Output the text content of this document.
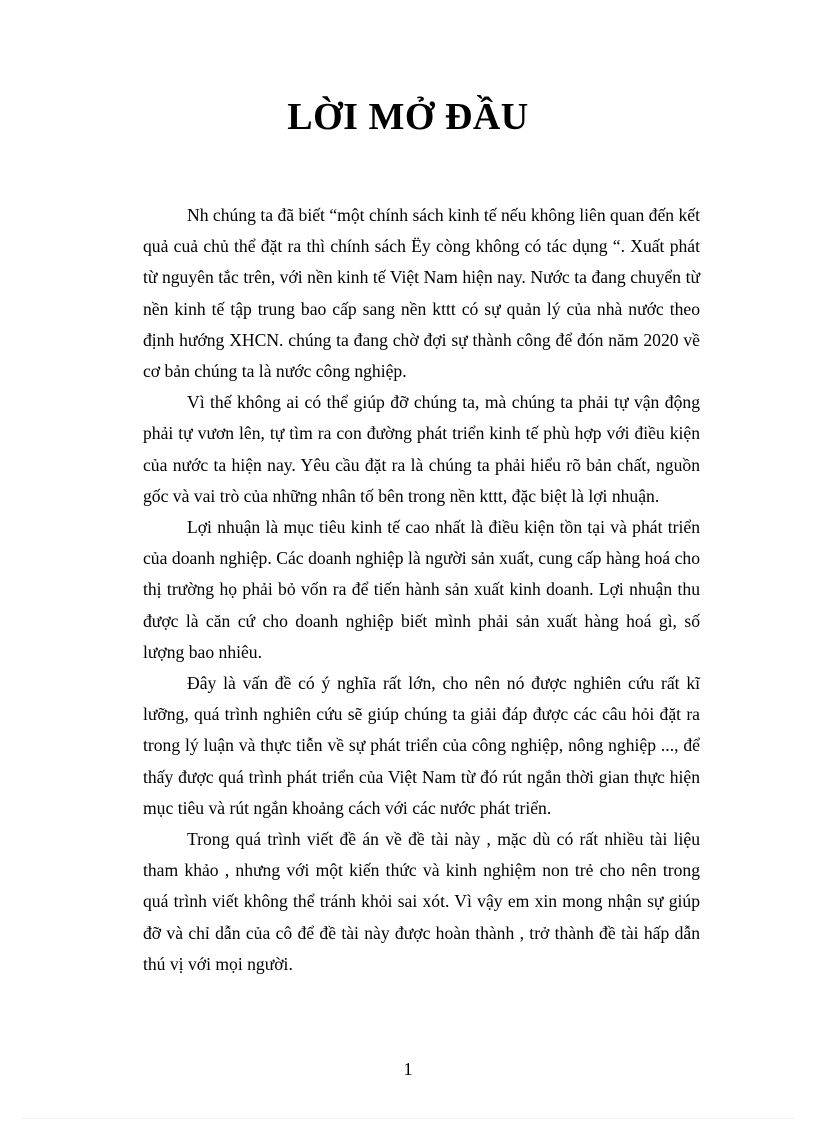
LỜI MỞ ĐẦU

Nh chúng ta đã biết “một chính sách kinh tế nếu không liên quan đến kết quả cuả chủ thể đặt ra thì chính sách Ëy còng không có tác dụng “. Xuất phát từ nguyên tắc trên, với nền kinh tế Việt Nam hiện nay. Nước ta đang chuyển từ nền kinh tế tập trung bao cấp sang nền kttt có sự quản lý của nhà nước theo định hướng XHCN. chúng ta đang chờ đợi sự thành công để đón năm 2020 về cơ bản chúng ta là nước công nghiệp.

Vì thế không ai có thể giúp đỡ chúng ta, mà chúng ta phải tự vận động phải tự vươn lên, tự tìm ra con đường phát triển kinh tế phù hợp với điều kiện của nước ta hiện nay. Yêu cầu đặt ra là chúng ta phải hiểu rõ bản chất, nguồn gốc và vai trò của những nhân tố bên trong nền kttt, đặc biệt là lợi nhuận.

Lợi nhuận là mục tiêu kinh tế cao nhất là điều kiện tồn tại và phát triển của doanh nghiệp. Các doanh nghiệp là người sản xuất, cung cấp hàng hoá cho thị trường họ phải bỏ vốn ra để tiến hành sản xuất kinh doanh. Lợi nhuận thu được là căn cứ cho doanh nghiệp biết mình phải sản xuất hàng hoá gì, số lượng bao nhiêu.

Đây là vấn đề có ý nghĩa rất lớn, cho nên nó được nghiên cứu rất kĩ lưỡng, quá trình nghiên cứu sẽ giúp chúng ta giải đáp được các câu hỏi đặt ra trong lý luận và thực tiễn về sự phát triển của công nghiệp, nông nghiệp ..., để thấy được quá trình phát triển của Việt Nam từ đó rút ngắn thời gian thực hiện mục tiêu và rút ngắn khoảng cách với các nước phát triển.

Trong quá trình viết đề án về đề tài này , mặc dù có rất nhiều tài liệu tham khảo , nhưng với một kiến thức và kinh nghiệm non trẻ cho nên trong quá trình viết không thể tránh khỏi sai xót. Vì vậy em xin mong nhận sự giúp đỡ và chỉ dẫn của cô để đề tài này được hoàn thành , trở thành đề tài hấp dẫn thú vị với mọi người.

1
